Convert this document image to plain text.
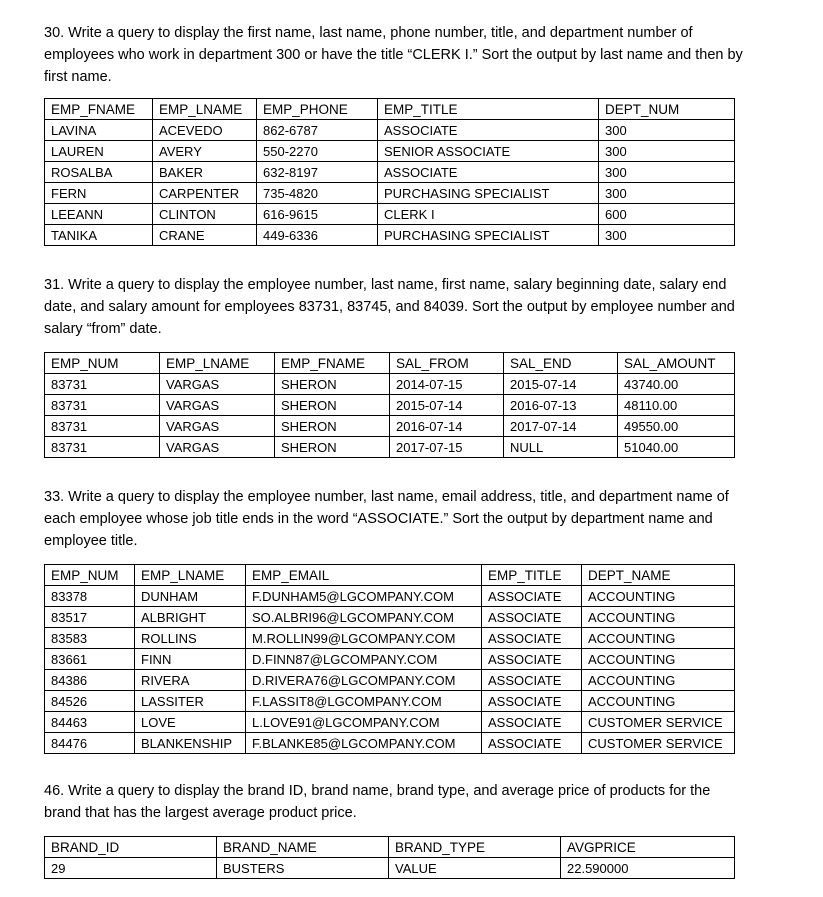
30. Write a query to display the first name, last name, phone number, title, and department number of employees who work in department 300 or have the title “CLERK I.” Sort the output by last name and then by first name.

EMP_FNAME	EMP_LNAME	EMP_PHONE	EMP_TITLE	DEPT_NUM
LAVINA	ACEVEDO	862-6787	ASSOCIATE	300
LAUREN	AVERY	550-2270	SENIOR ASSOCIATE	300
ROSALBA	BAKER	632-8197	ASSOCIATE	300
FERN	CARPENTER	735-4820	PURCHASING SPECIALIST	300
LEEANN	CLINTON	616-9615	CLERK I	600
TANIKA	CRANE	449-6336	PURCHASING SPECIALIST	300

31. Write a query to display the employee number, last name, first name, salary beginning date, salary end date, and salary amount for employees 83731, 83745, and 84039. Sort the output by employee number and salary “from” date.

EMP_NUM	EMP_LNAME	EMP_FNAME	SAL_FROM	SAL_END	SAL_AMOUNT
83731	VARGAS	SHERON	2014-07-15	2015-07-14	43740.00
83731	VARGAS	SHERON	2015-07-14	2016-07-13	48110.00
83731	VARGAS	SHERON	2016-07-14	2017-07-14	49550.00
83731	VARGAS	SHERON	2017-07-15	NULL	51040.00

33. Write a query to display the employee number, last name, email address, title, and department name of each employee whose job title ends in the word “ASSOCIATE.” Sort the output by department name and employee title.

EMP_NUM	EMP_LNAME	EMP_EMAIL	EMP_TITLE	DEPT_NAME
83378	DUNHAM	F.DUNHAM5@LGCOMPANY.COM	ASSOCIATE	ACCOUNTING
83517	ALBRIGHT	SO.ALBRI96@LGCOMPANY.COM	ASSOCIATE	ACCOUNTING
83583	ROLLINS	M.ROLLIN99@LGCOMPANY.COM	ASSOCIATE	ACCOUNTING
83661	FINN	D.FINN87@LGCOMPANY.COM	ASSOCIATE	ACCOUNTING
84386	RIVERA	D.RIVERA76@LGCOMPANY.COM	ASSOCIATE	ACCOUNTING
84526	LASSITER	F.LASSIT8@LGCOMPANY.COM	ASSOCIATE	ACCOUNTING
84463	LOVE	L.LOVE91@LGCOMPANY.COM	ASSOCIATE	CUSTOMER SERVICE
84476	BLANKENSHIP	F.BLANKE85@LGCOMPANY.COM	ASSOCIATE	CUSTOMER SERVICE

46. Write a query to display the brand ID, brand name, brand type, and average price of products for the brand that has the largest average product price.

BRAND_ID	BRAND_NAME	BRAND_TYPE	AVGPRICE
29	BUSTERS	VALUE	22.590000
